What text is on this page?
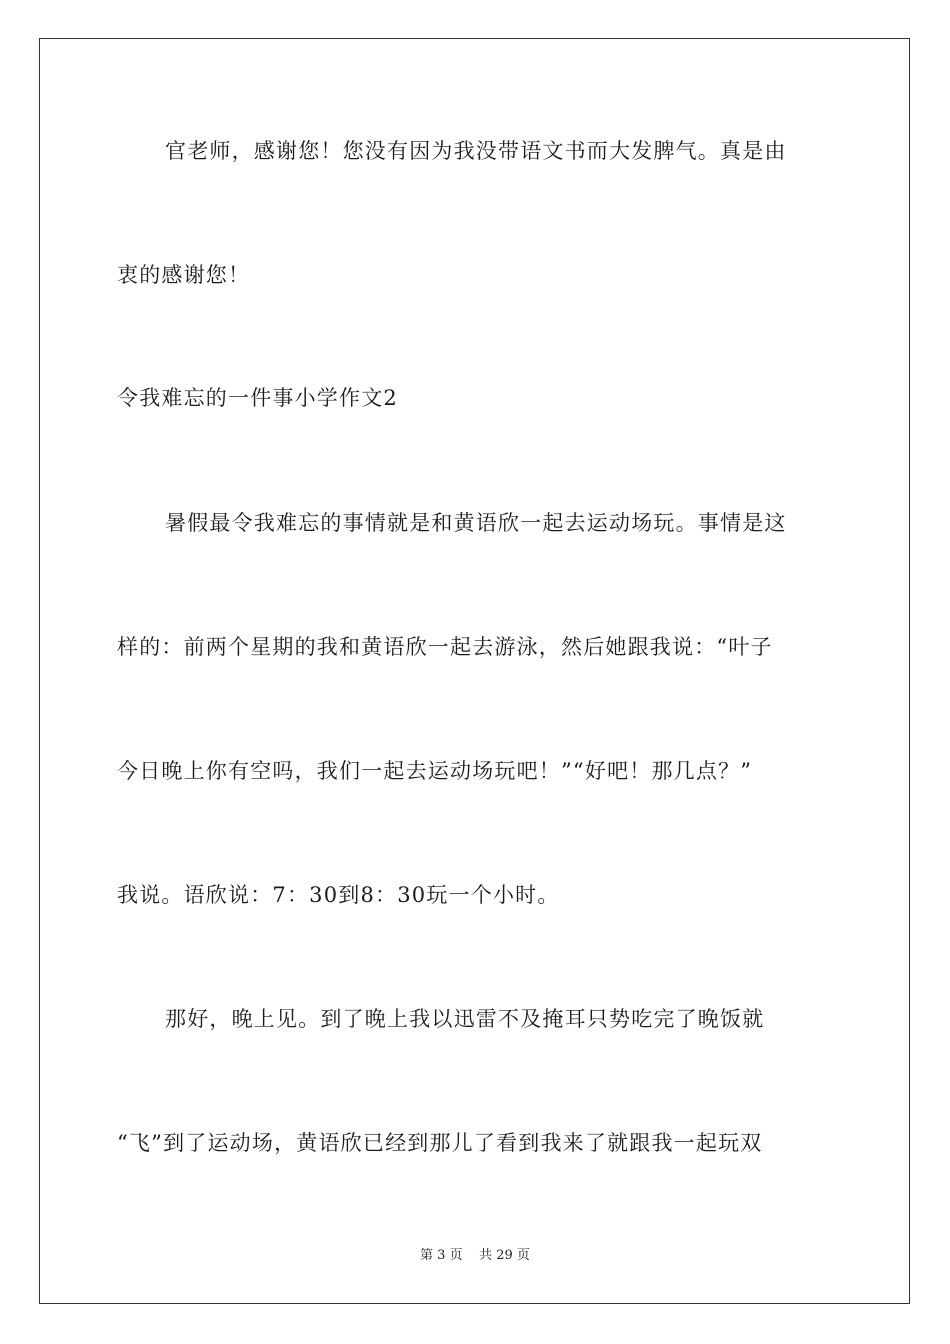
官老师，感谢您！您没有因为我没带语文书而大发脾气。真是由
衷的感谢您！
令我难忘的一件事小学作文2
暑假最令我难忘的事情就是和黄语欣一起去运动场玩。事情是这
样的：前两个星期的我和黄语欣一起去游泳，然后她跟我说：“叶子
今日晚上你有空吗，我们一起去运动场玩吧！”“好吧！那几点？”
我说。语欣说：7：30到8：30玩一个小时。
那好，晚上见。到了晚上我以迅雷不及掩耳只势吃完了晚饭就
“飞”到了运动场，黄语欣已经到那儿了看到我来了就跟我一起玩双
第 3 页 共 29 页
